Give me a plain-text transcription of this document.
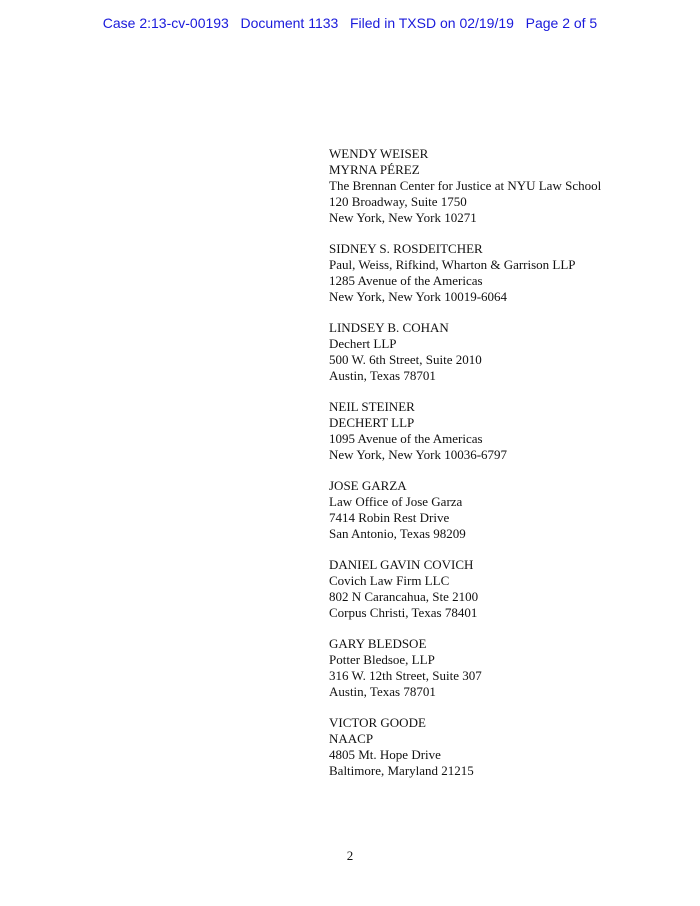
Case 2:13-cv-00193   Document 1133   Filed in TXSD on 02/19/19   Page 2 of 5
WENDY WEISER
MYRNA PÉREZ
The Brennan Center for Justice at NYU Law School
120 Broadway, Suite 1750
New York, New York 10271
SIDNEY S. ROSDEITCHER
Paul, Weiss, Rifkind, Wharton & Garrison LLP
1285 Avenue of the Americas
New York, New York 10019-6064
LINDSEY B. COHAN
Dechert LLP
500 W. 6th Street, Suite 2010
Austin, Texas 78701
NEIL STEINER
DECHERT LLP
1095 Avenue of the Americas
New York, New York 10036-6797
JOSE GARZA
Law Office of Jose Garza
7414 Robin Rest Drive
San Antonio, Texas 98209
DANIEL GAVIN COVICH
Covich Law Firm LLC
802 N Carancahua, Ste 2100
Corpus Christi, Texas 78401
GARY BLEDSOE
Potter Bledsoe, LLP
316 W. 12th Street, Suite 307
Austin, Texas 78701
VICTOR GOODE
NAACP
4805 Mt. Hope Drive
Baltimore, Maryland 21215
2
